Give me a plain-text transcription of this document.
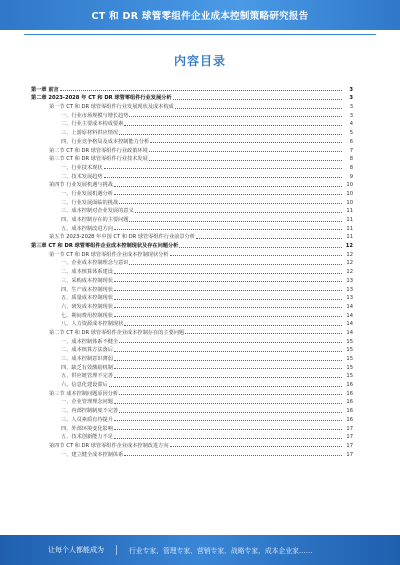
CT 和 DR 球管零组件企业成本控制策略研究报告
内容目录
第一章 前言	3
第二章 2023-2028 年 CT 和 DR 球管零组件行业发展分析	3
第一节 CT 和 DR 球管零组件行业发展现状及成本构成	3
一、行业市场规模与增长趋势	3
二、行业主要成本构成要素	4
三、上游原材料供应情况	5
四、行业竞争格局及成本控制能力分析	6
第二节 CT 和 DR 球管零组件行业政策环境	7
第三节 CT 和 DR 球管零组件行业技术发展	8
一、行业技术现状	8
二、技术发展趋势	9
第四节 行业发展机遇与挑战	10
一、行业发展机遇分析	10
二、行业发展面临的挑战	10
三、成本控制对企业发展的意义	11
四、成本控制存在的主要问题	11
五、成本控制改进方向	11
第五节 2023-2028 年中国 CT 和 DR 球管零组件行业前景分析	11
第三章 CT 和 DR 球管零组件企业成本控制现状及存在问题分析	12
第一节 CT 和 DR 球管零组件企业成本控制现状分析	12
一、企业成本控制理念与意识	12
二、成本核算体系建设	12
三、采购成本控制现状	13
四、生产成本控制现状	13
五、质量成本控制现状	13
六、研发成本控制现状	14
七、期间费用控制现状	14
八、人力资源成本控制现状	14
第二节 CT 和 DR 球管零组件企业成本控制存在的主要问题	14
一、成本控制体系不健全	15
二、成本核算方法落后	15
三、成本控制意识薄弱	15
四、缺乏有效激励机制	15
五、供应链管理不完善	15
六、信息化建设滞后	16
第三节 成本控制问题原因分析	16
一、企业管理理念问题	16
二、内部控制制度不完善	16
三、人员素质有待提升	16
四、外部环境变化影响	17
五、技术创新能力不足	17
第四节 CT 和 DR 球管零组件企业成本控制改进方向	17
一、建立健全成本控制体系	17
让每个人都能成为	行业专家、管理专家、营销专家、战略专家、成本企业家……
